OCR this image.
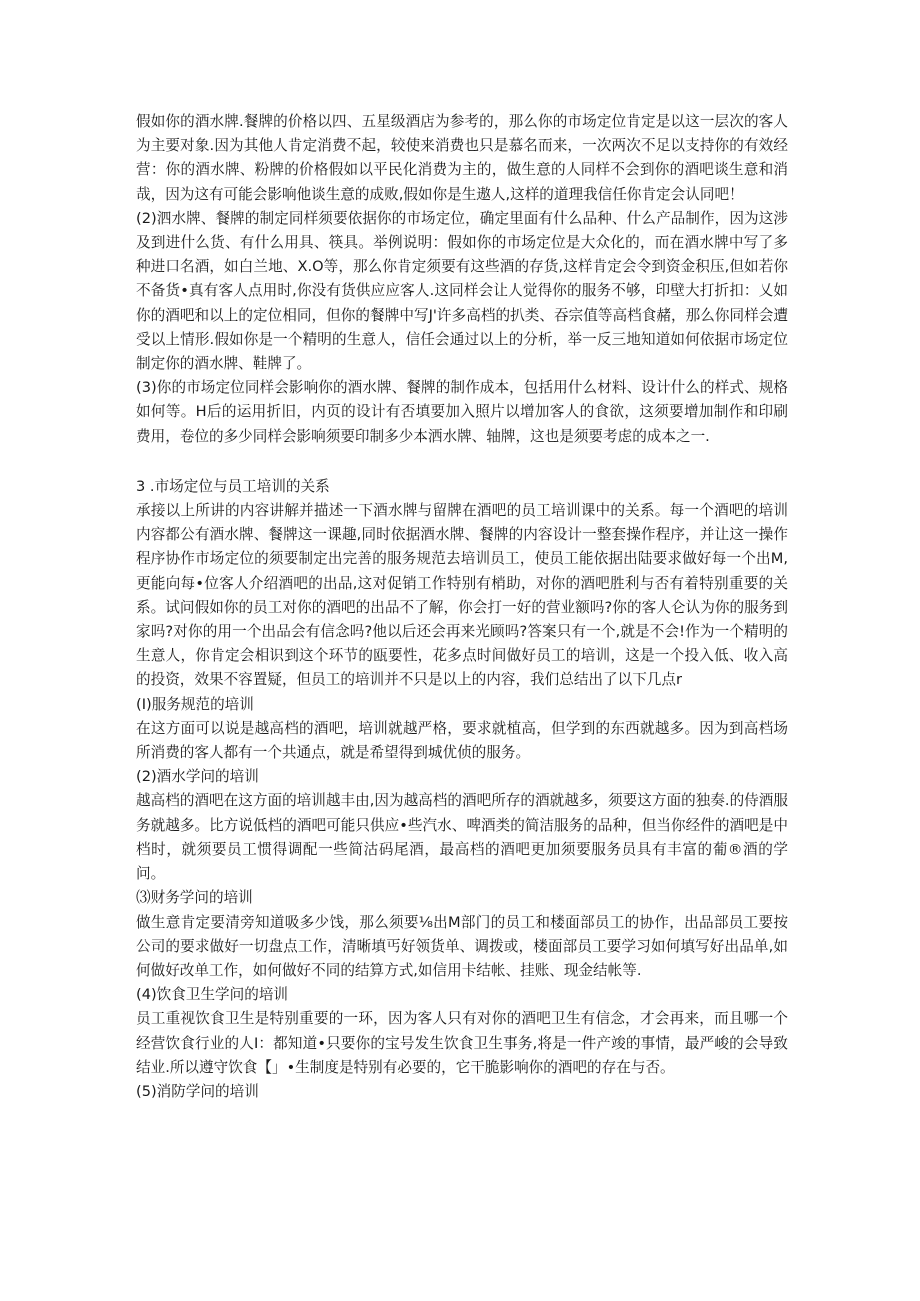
假如你的酒水牌.餐牌的价格以四、五星级酒店为参考的，那么你的市场定位肯定是以这一层次的客人为主要对象.因为其他人肯定消费不起，较使来消费也只是慕名而来，一次两次不足以支持你的有效经营：你的酒水牌、粉牌的价格假如以平民化消费为主的，做生意的人同样不会到你的酒吧谈生意和消哉，因为这有可能会影响他谈生意的成败,假如你是生遨人,这样的道理我信任你肯定会认同吧！

(2)泗水牌、餐牌的制定同样须要依据你的市场定位，确定里面有什么品种、什么产品制作，因为这涉及到进什么货、有什么用具、筷具。举例说明：假如你的市场定位是大众化的，而在酒水牌中写了多种进口名酒，如白兰地、X.O等，那么你肯定须要有这些酒的存货,这样肯定会令到资金积压,但如若你不备货•真有客人点用时,你没有货供应应客人.这同样会让人觉得你的服务不够，印壁大打折扣：乂如你的酒吧和以上的定位相同，但你的餐牌中写J'许多高档的扒类、吞宗值等高档食赭，那么你同样会遭受以上情形.假如你是一个精明的生意人，信任会通过以上的分析，举一反三地知道如何依据市场定位制定你的酒水牌、鞋牌了。

(3)你的市场定位同样会影响你的酒水牌、餐牌的制作成本，包括用什么材料、设计什么的样式、规格如何等。H后的运用折旧，内页的设计有否填要加入照片以增加客人的食欲，这须要增加制作和印刷费用，卷位的多少同样会影响须要印制多少本洒水牌、轴牌，这也是须要考虑的成本之一.

3 .市场定位与员工培训的关系

承接以上所讲的内容讲解并描述一下酒水牌与留牌在酒吧的员工培训课中的关系。每一个酒吧的培训内容都公有酒水牌、餐牌这一课趣,同时依据酒水牌、餐牌的内容设计一整套操作程序，并让这一操作程序协作市场定位的须要制定出完善的服务规范去培训员工，使员工能依据出陆要求做好每一个出M,更能向每•位客人介绍酒吧的出品,这对促销工作特别有梢助，对你的酒吧胜利与否有着特别重要的关系。试问假如你的员工对你的酒吧的出品不了解，你会打一好的营业额吗?你的客人仑认为你的服务到家吗?对你的用一个出品会有信念吗?他以后还会再来光顾吗?答案只有一个,就是不会!作为一个精明的生意人，你肯定会相识到这个环节的瓯要性，花多点时间做好员工的培训，这是一个投入低、收入高的投资，效果不容置疑，但员工的培训并不只是以上的内容，我们总结出了以下几点r

(I)服务规范的培训

在这方面可以说是越高档的酒吧，培训就越严格，要求就植高，但学到的东西就越多。因为到高档场所消费的客人都有一个共通点，就是希望得到城优侦的服务。

(2)酒水学问的培训

越高档的酒吧在这方面的培训越丰由,因为越高档的酒吧所存的酒就越多，须要这方面的独奏.的侍酒服务就越多。比方说低档的酒吧可能只供应•些汽水、啤酒类的简洁服务的品种，但当你经件的酒吧是中档时，就须要员工惯得调配一些简沽码尾酒，最高档的酒吧更加须要服务员具有丰富的葡®酒的学问。

⑶财务学问的培训

做生意肯定要清旁知道吸多少饯，那么须要⅛出M部门的员工和楼面部员工的协作，出品部员工要按公司的要求做好一切盘点工作，清晰填丐好领货单、调拨或，楼面部员工要学习如何填写好出品单,如何做好改单工作，如何做好不同的结算方式,如信用卡结帐、挂账、现金结帐等.

(4)饮食卫生学问的培训

员工重视饮食卫生是特别重要的一环，因为客人只有对你的酒吧卫生有信念，才会再来，而且哪一个经营饮食行业的人I：都知道•只要你的宝号发生饮食卫生事务,将是一件产竣的事情，最严峻的会导致结业.所以遵守饮食【」•生制度是特别有必要的，它干脆影响你的酒吧的存在与否。

(5)消防学问的培训
